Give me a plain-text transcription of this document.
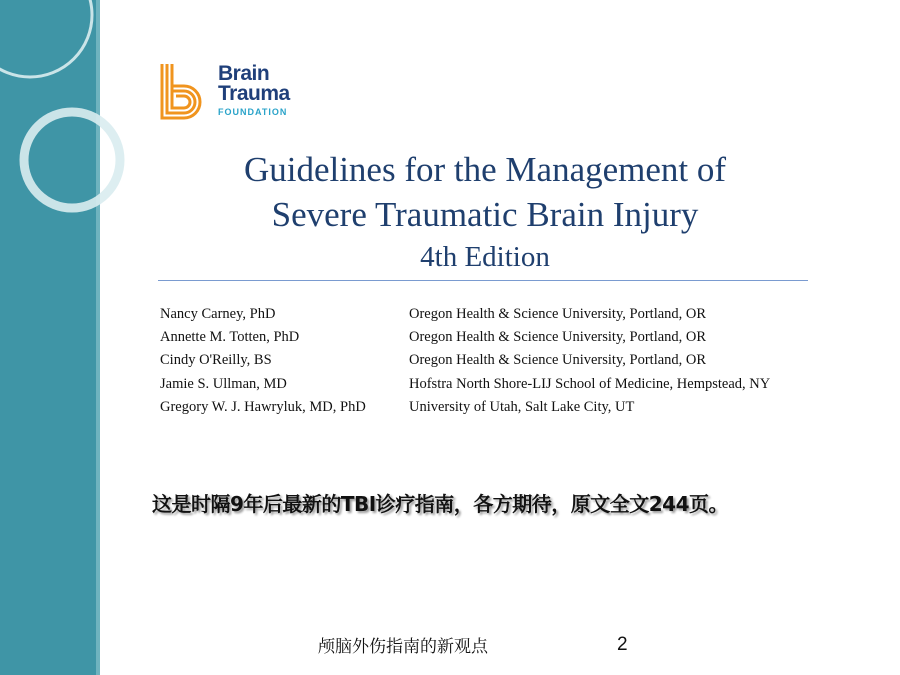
Brain
Trauma
FOUNDATION
Guidelines for the Management of
Severe Traumatic Brain Injury
4th Edition
Nancy Carney, PhD	Oregon Health & Science University, Portland, OR
Annette M. Totten, PhD	Oregon Health & Science University, Portland, OR
Cindy O'Reilly, BS	Oregon Health & Science University, Portland, OR
Jamie S. Ullman, MD	Hofstra North Shore-LIJ School of Medicine, Hempstead, NY
Gregory W. J. Hawryluk, MD, PhD	University of Utah, Salt Lake City, UT
这是时隔9年后最新的TBI诊疗指南，各方期待，原文全文244页。
颅脑外伤指南的新观点	2
